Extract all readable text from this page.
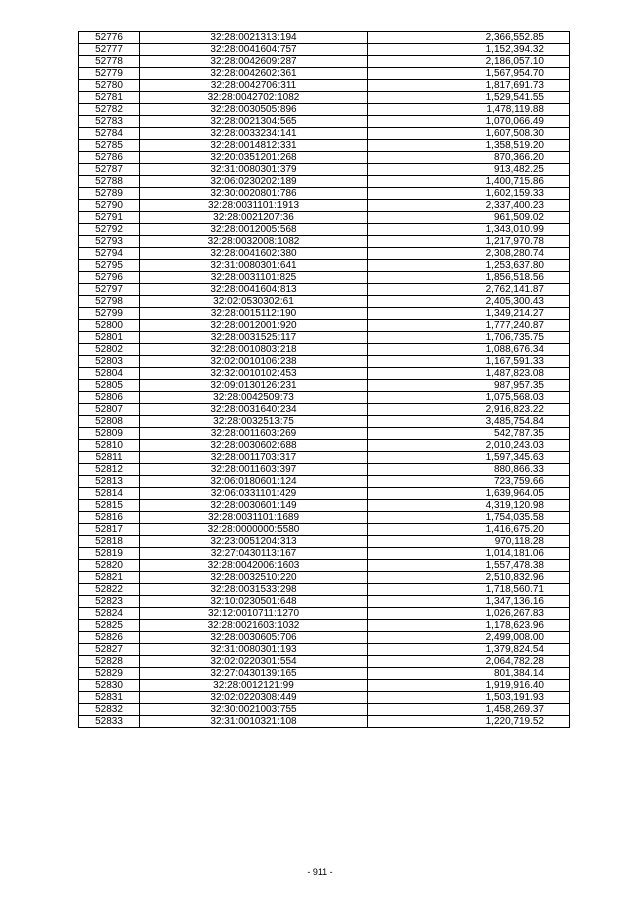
52776	32:28:0021313:194	2,366,552.85
52777	32:28:0041604:757	1,152,394.32
52778	32:28:0042609:287	2,186,057.10
52779	32:28:0042602:361	1,567,954.70
52780	32:28:0042706:311	1,817,691.73
52781	32:28:0042702:1082	1,529,541.55
52782	32:28:0030505:896	1,478,119.88
52783	32:28:0021304:565	1,070,066.49
52784	32:28:0033234:141	1,607,508.30
52785	32:28:0014812:331	1,358,519.20
52786	32:20:0351201:268	870,366.20
52787	32:31:0080301:379	913,482.25
52788	32:06:0230202:189	1,400,715.86
52789	32:30:0020801:786	1,602,159.33
52790	32:28:0031101:1913	2,337,400.23
52791	32:28:0021207:36	961,509.02
52792	32:28:0012005:568	1,343,010.99
52793	32:28:0032008:1082	1,217,970.78
52794	32:28:0041602:380	2,308,280.74
52795	32:31:0080301:641	1,253,637.80
52796	32:28:0031101:825	1,856,518.56
52797	32:28:0041604:813	2,762,141.87
52798	32:02:0530302:61	2,405,300.43
52799	32:28:0015112:190	1,349,214.27
52800	32:28:0012001:920	1,777,240.87
52801	32:28:0031525:117	1,706,735.75
52802	32:28:0010803:218	1,088,676.34
52803	32:02:0010106:238	1,167,591.33
52804	32:32:0010102:453	1,487,823.08
52805	32:09:0130126:231	987,957.35
52806	32:28:0042509:73	1,075,568.03
52807	32:28:0031640:234	2,916,823.22
52808	32:28:0032513:75	3,485,754.84
52809	32:28:0011603:269	542,787.35
52810	32:28:0030602:688	2,010,243.03
52811	32:28:0011703:317	1,597,345.63
52812	32:28:0011603:397	880,866.33
52813	32:06:0180601:124	723,759.66
52814	32:06:0331101:429	1,639,964.05
52815	32:28:0030601:149	4,319,120.98
52816	32:28:0031101:1689	1,754,035.58
52817	32:28:0000000:5580	1,416,675.20
52818	32:23:0051204:313	970,118.28
52819	32:27:0430113:167	1,014,181.06
52820	32:28:0042006:1603	1,557,478.38
52821	32:28:0032510:220	2,510,832.96
52822	32:28:0031533:298	1,718,560.71
52823	32:10:0230501:648	1,347,136.16
52824	32:12:0010711:1270	1,026,267.83
52825	32:28:0021603:1032	1,178,623.96
52826	32:28:0030605:706	2,499,008.00
52827	32:31:0080301:193	1,379,824.54
52828	32:02:0220301:554	2,064,782.28
52829	32:27:0430139:165	801,384.14
52830	32:28:0012121:99	1,919,916.40
52831	32:02:0220308:449	1,503,191.93
52832	32:30:0021003:755	1,458,269.37
52833	32:31:0010321:108	1,220,719.52
- 911 -
